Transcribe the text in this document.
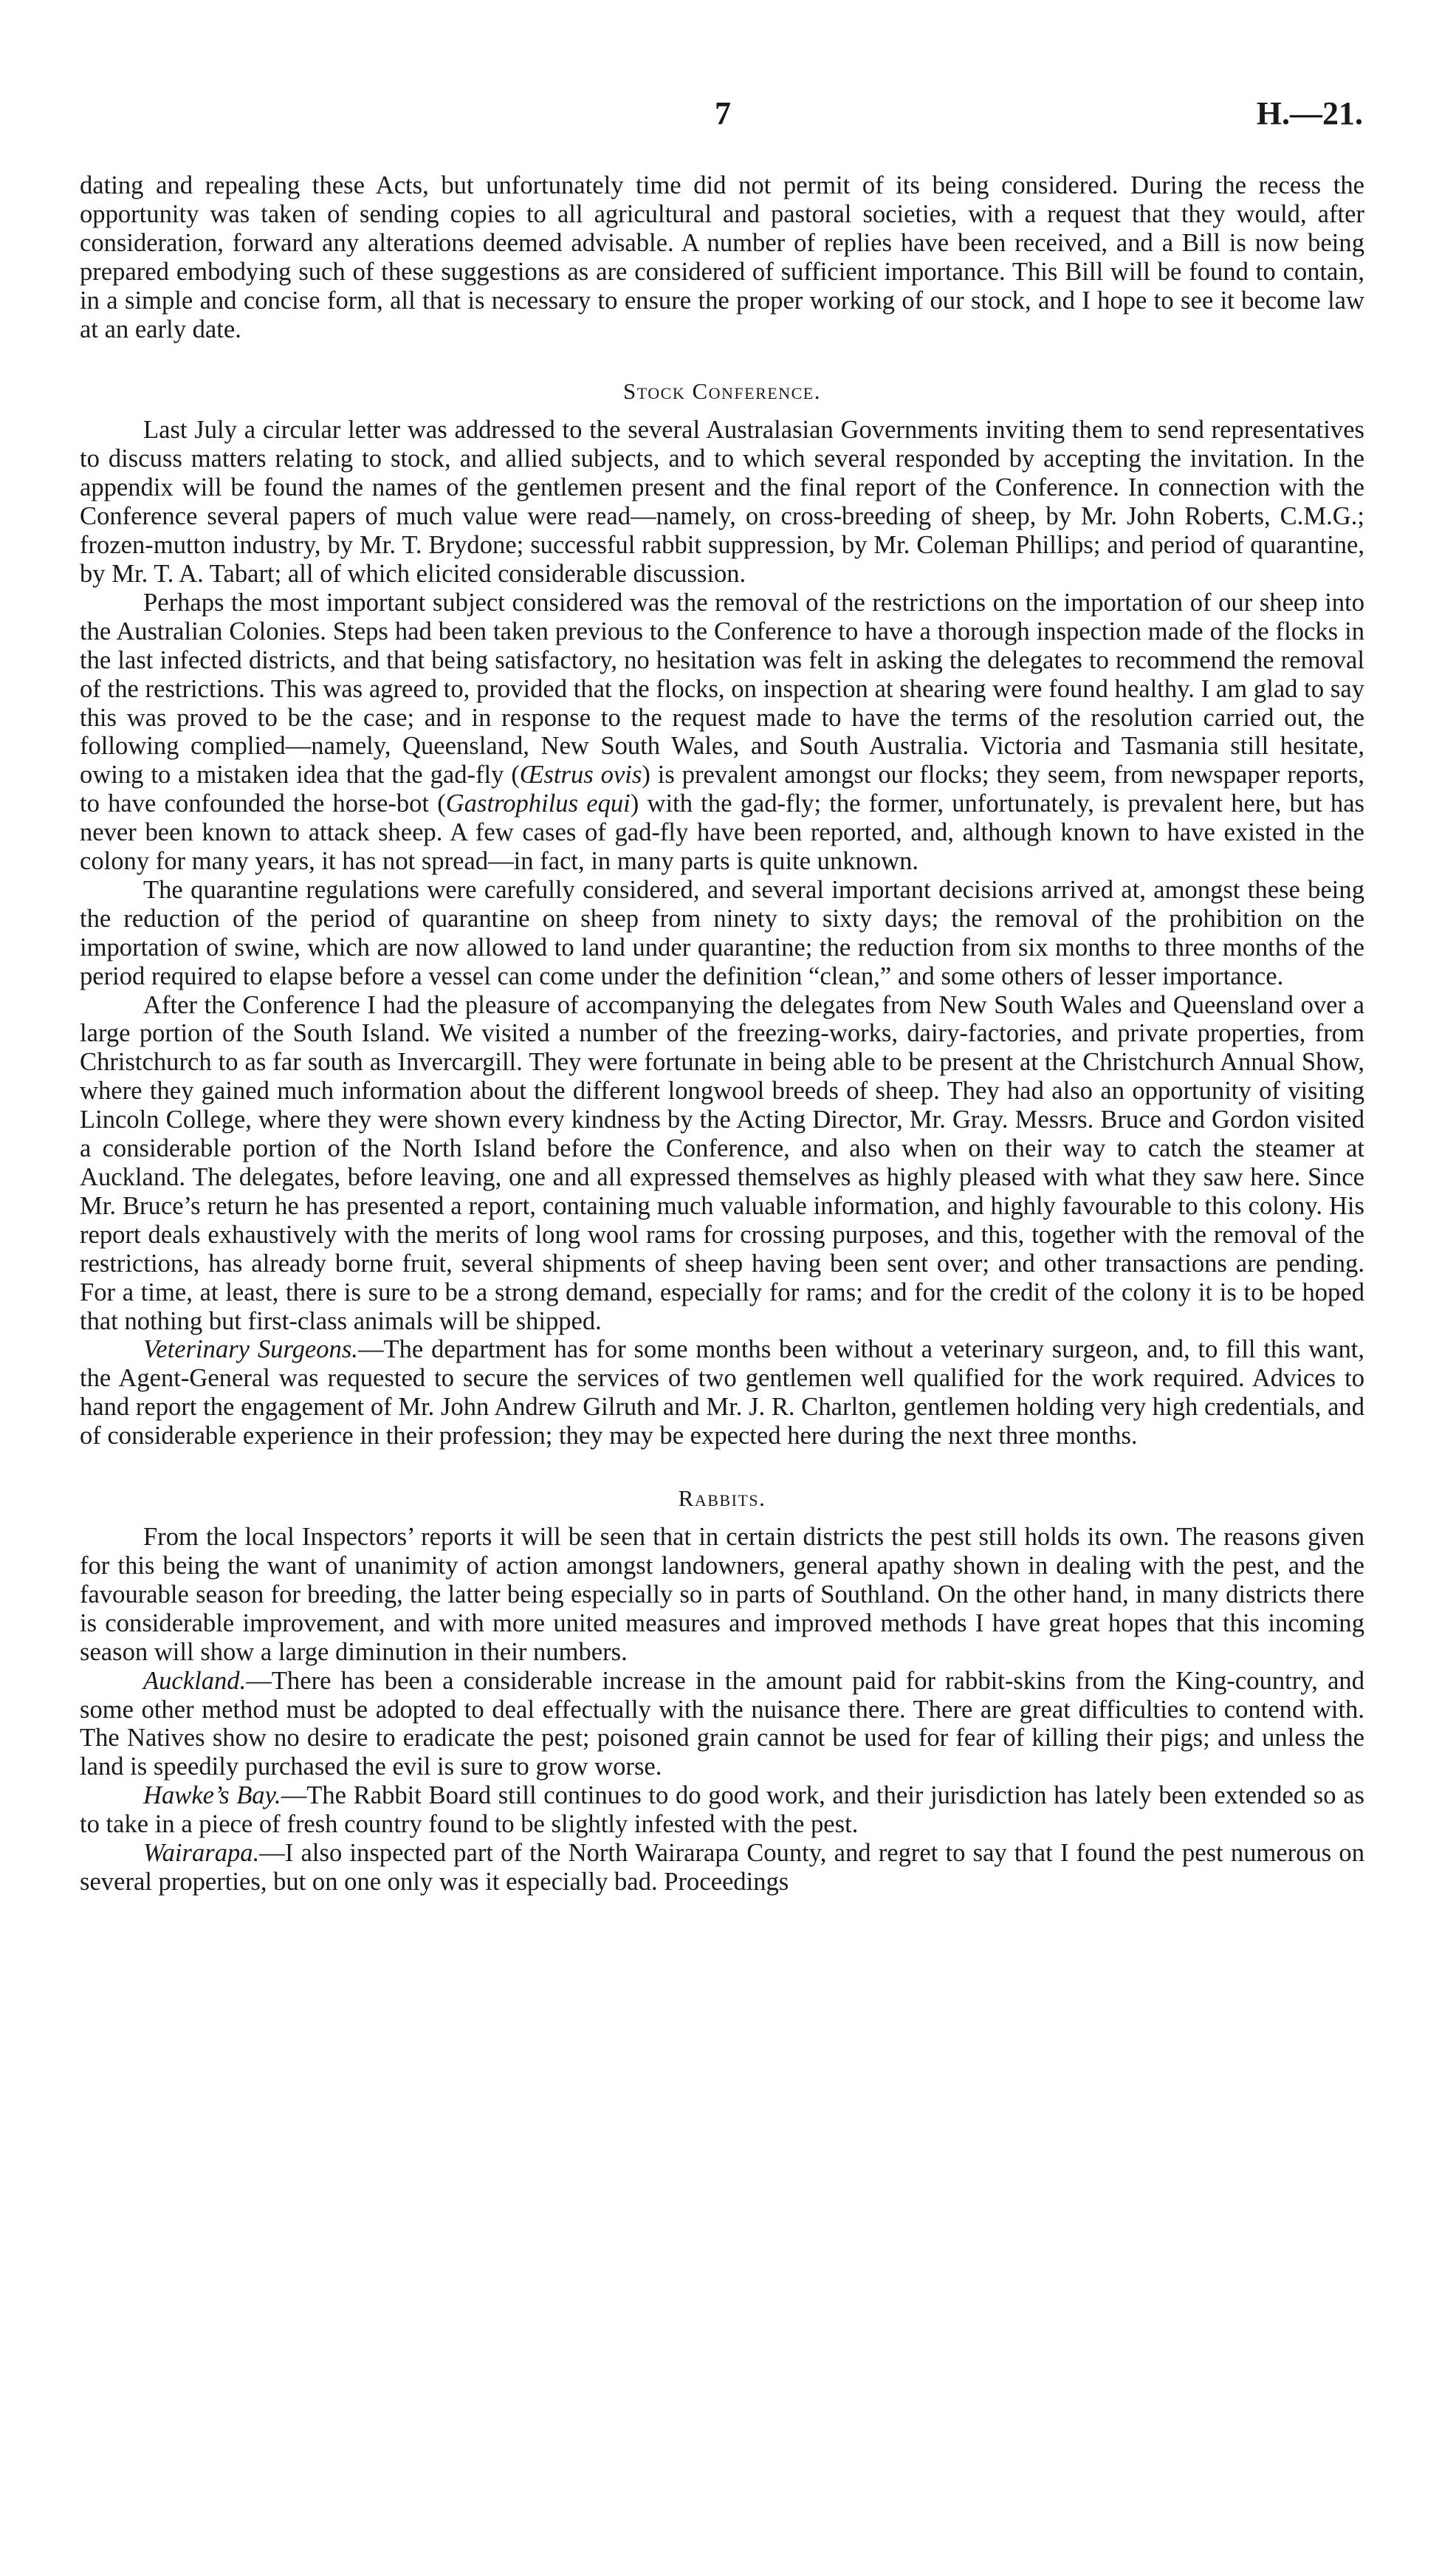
7	H.—21.

dating and repealing these Acts, but unfortunately time did not permit of its being considered. During the recess the opportunity was taken of sending copies to all agricultural and pastoral societies, with a request that they would, after consideration, forward any alterations deemed advisable. A number of replies have been received, and a Bill is now being prepared embodying such of these suggestions as are considered of sufficient importance. This Bill will be found to contain, in a simple and concise form, all that is necessary to ensure the proper working of our stock, and I hope to see it become law at an early date.

Stock Conference.

Last July a circular letter was addressed to the several Australasian Governments inviting them to send representatives to discuss matters relating to stock, and allied subjects, and to which several responded by accepting the invitation. In the appendix will be found the names of the gentlemen present and the final report of the Conference. In connection with the Conference several papers of much value were read—namely, on cross-breeding of sheep, by Mr. John Roberts, C.M.G.; frozen-mutton industry, by Mr. T. Brydone; successful rabbit suppression, by Mr. Coleman Phillips; and period of quarantine, by Mr. T. A. Tabart; all of which elicited considerable discussion.

Perhaps the most important subject considered was the removal of the restrictions on the importation of our sheep into the Australian Colonies. Steps had been taken previous to the Conference to have a thorough inspection made of the flocks in the last infected districts, and that being satisfactory, no hesitation was felt in asking the delegates to recommend the removal of the restrictions. This was agreed to, provided that the flocks, on inspection at shearing were found healthy. I am glad to say this was proved to be the case; and in response to the request made to have the terms of the resolution carried out, the following complied—namely, Queensland, New South Wales, and South Australia. Victoria and Tasmania still hesitate, owing to a mistaken idea that the gad-fly (Œstrus ovis) is prevalent amongst our flocks; they seem, from newspaper reports, to have confounded the horse-bot (Gastrophilus equi) with the gad-fly; the former, unfortunately, is prevalent here, but has never been known to attack sheep. A few cases of gad-fly have been reported, and, although known to have existed in the colony for many years, it has not spread—in fact, in many parts is quite unknown.

The quarantine regulations were carefully considered, and several important decisions arrived at, amongst these being the reduction of the period of quarantine on sheep from ninety to sixty days; the removal of the prohibition on the importation of swine, which are now allowed to land under quarantine; the reduction from six months to three months of the period required to elapse before a vessel can come under the definition “clean,” and some others of lesser importance.

After the Conference I had the pleasure of accompanying the delegates from New South Wales and Queensland over a large portion of the South Island. We visited a number of the freezing-works, dairy-factories, and private properties, from Christchurch to as far south as Invercargill. They were fortunate in being able to be present at the Christchurch Annual Show, where they gained much information about the different longwool breeds of sheep. They had also an opportunity of visiting Lincoln College, where they were shown every kindness by the Acting Director, Mr. Gray. Messrs. Bruce and Gordon visited a considerable portion of the North Island before the Conference, and also when on their way to catch the steamer at Auckland. The delegates, before leaving, one and all expressed themselves as highly pleased with what they saw here. Since Mr. Bruce’s return he has presented a report, containing much valuable information, and highly favourable to this colony. His report deals exhaustively with the merits of long wool rams for crossing purposes, and this, together with the removal of the restrictions, has already borne fruit, several shipments of sheep having been sent over; and other transactions are pending. For a time, at least, there is sure to be a strong demand, especially for rams; and for the credit of the colony it is to be hoped that nothing but first-class animals will be shipped.

Veterinary Surgeons.—The department has for some months been without a veterinary surgeon, and, to fill this want, the Agent-General was requested to secure the services of two gentlemen well qualified for the work required. Advices to hand report the engagement of Mr. John Andrew Gilruth and Mr. J. R. Charlton, gentlemen holding very high credentials, and of considerable experience in their profession; they may be expected here during the next three months.

Rabbits.

From the local Inspectors’ reports it will be seen that in certain districts the pest still holds its own. The reasons given for this being the want of unanimity of action amongst landowners, general apathy shown in dealing with the pest, and the favourable season for breeding, the latter being especially so in parts of Southland. On the other hand, in many districts there is considerable improvement, and with more united measures and improved methods I have great hopes that this incoming season will show a large diminution in their numbers.

Auckland.—There has been a considerable increase in the amount paid for rabbit-skins from the King-country, and some other method must be adopted to deal effectually with the nuisance there. There are great difficulties to contend with. The Natives show no desire to eradicate the pest; poisoned grain cannot be used for fear of killing their pigs; and unless the land is speedily purchased the evil is sure to grow worse.

Hawke’s Bay.—The Rabbit Board still continues to do good work, and their jurisdiction has lately been extended so as to take in a piece of fresh country found to be slightly infested with the pest.

Wairarapa.—I also inspected part of the North Wairarapa County, and regret to say that I found the pest numerous on several properties, but on one only was it especially bad. Proceedings
